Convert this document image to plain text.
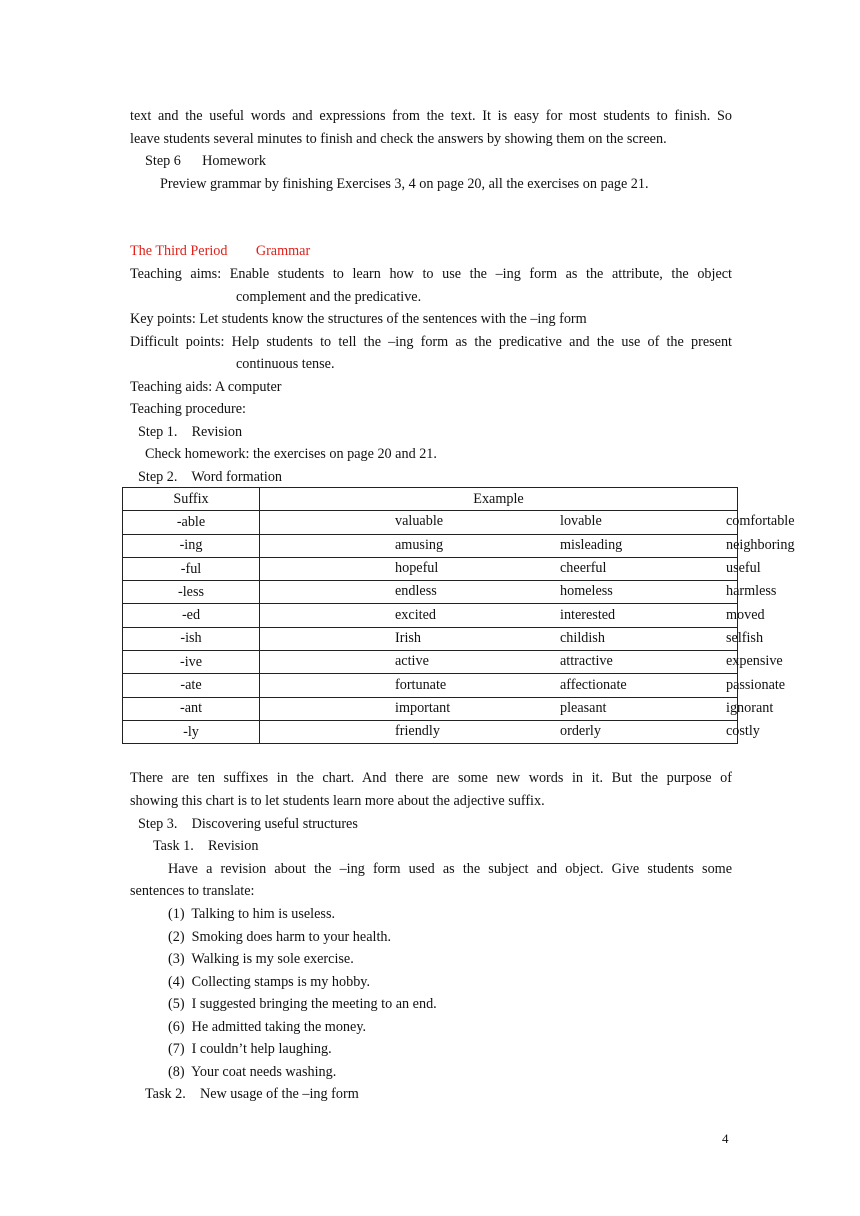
text and the useful words and expressions from the text. It is easy for most students to finish. So
leave students several minutes to finish and check the answers by showing them on the screen.
Step 6      Homework
Preview grammar by finishing Exercises 3, 4 on page 20, all the exercises on page 21.
The Third Period        Grammar
Teaching aims: Enable students to learn how to use the –ing form as the attribute, the object
complement and the predicative.
Key points: Let students know the structures of the sentences with the –ing form
Difficult points: Help students to tell the –ing form as the predicative and the use of the present
continuous tense.
Teaching aids: A computer
Teaching procedure:
Step 1.    Revision
Check homework: the exercises on page 20 and 21.
Step 2.    Word formation
Suffix	Example
-able	valuable lovable comfortable

-ing	amusing misleading neighboring

-ful	hopeful cheerful useful

-less	endless homeless harmless

-ed	excited interested moved

-ish	Irish childish selfish

-ive	active attractive expensive

-ate	fortunate affectionate passionate

-ant	important pleasant ignorant

-ly	friendly orderly costly
There are ten suffixes in the chart. And there are some new words in it. But the purpose of
showing this chart is to let students learn more about the adjective suffix.
Step 3.    Discovering useful structures
Task 1.    Revision
Have a revision about the –ing form used as the subject and object. Give students some
sentences to translate:
(1)  Talking to him is useless.
(2)  Smoking does harm to your health.
(3)  Walking is my sole exercise.
(4)  Collecting stamps is my hobby.
(5)  I suggested bringing the meeting to an end.
(6)  He admitted taking the money.
(7)  I couldn’t help laughing.
(8)  Your coat needs washing.
Task 2.    New usage of the –ing form
4
